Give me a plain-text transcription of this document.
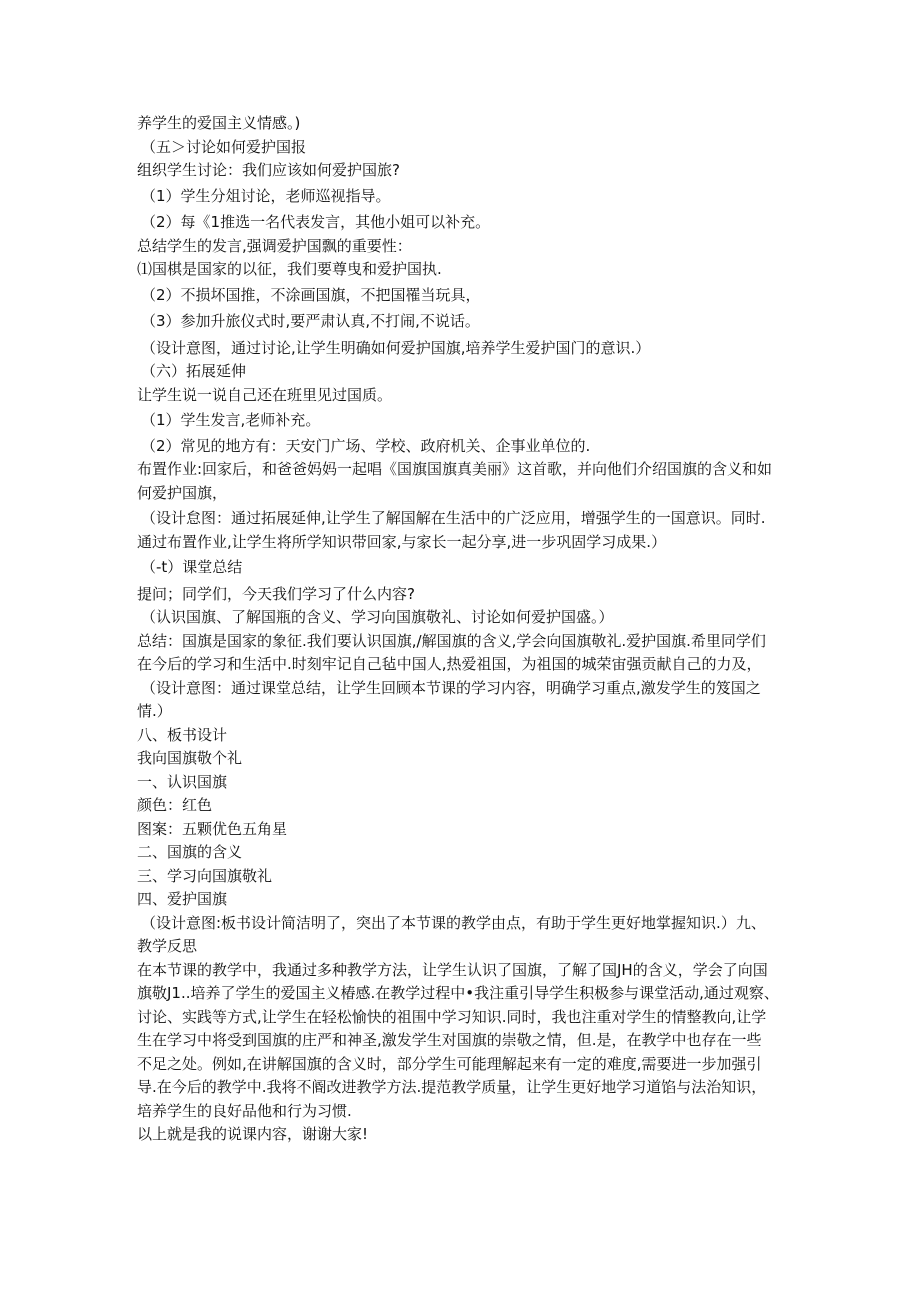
养学生的爱国主义情感。)
（五＞讨论如何爱护国报
组织学生讨论：我们应该如何爱护国旅?
（1）学生分俎讨论，老师巡视指导。
（2）每《1推选一名代表发言，其他小姐可以补充。
总结学生的发言,强调爱护国飘的重要性：
⑴国棋是国家的以征，我们要尊曳和爱护国执.
（2）不损坏国推，不涂画国旗，不把国罹当玩具，
（3）参加升旅仪式时,要严肃认真,不打闹,不说话。
（设计意图，通过讨论,让学生明确如何爱护国旗,培养学生爱护国门的意识.）
（六）拓展延伸
让学生说一说自己还在班里见过国质。
（1）学生发言,老师补充。
（2）常见的地方有：天安门广场、学校、政府机关、企事业单位的.
布置作业:回家后，和爸爸妈妈一起唱《国旗国旗真美丽》这首歌，并向他们介绍国旗的含义和如
何爱护国旗，
（设计怠图：通过拓展延伸,让学生了解国解在生活中的广泛应用，增强学生的一国意识。同时.
通过布置作业,让学生将所学知识带回家,与家长一起分享,进一步巩固学习成果.）
（-t）课堂总结
提问；同学们，今天我们学习了什么内容?
（认识国旗、了解国瓶的含义、学习向国旗敬礼、讨论如何爱护国盛。）
总结：国旗是国家的象征.我们要认识国旗,/解国旗的含义,学会向国旗敬礼.爱护国旗.希里同学们
在今后的学习和生活中.时刻牢记自己毡中国人,热爱祖国，为祖国的城荣宙强贡献自己的力及，
（设计意图：通过课堂总结，让学生回顾本节课的学习内容，明确学习重点,激发学生的笈国之
情.）
八、板书设计
我向国旗敬个礼
一、认识国旗
颜色：红色
图案：五颗优色五角星
二、国旗的含义
三、学习向国旗敬礼
四、爱护国旗
（设计意图:板书设计简洁明了，突出了本节课的教学由点，有助于学生更好地掌握知识.）九、
教学反思
在本节课的教学中，我通过多种教学方法，让学生认识了国旗，了解了国JH的含义，学会了向国
旗敬J1..培养了学生的爱国主义椿感.在教学过程中•我注重引导学生积极参与课堂活动,通过观察、
讨论、实践等方式,让学生在轻松愉快的祖围中学习知识.同时，我也注重对学生的情整教向,让学
生在学习中将受到国旗的庄严和神圣,激发学生对国旗的崇敬之情，但.是，在教学中也存在一些
不足之处。例如,在讲解国旗的含义时，部分学生可能理解起来有一定的难度,需要进一步加强引
导.在今后的教学中.我将不阍改进教学方法.提范教学质量，让学生更好地学习道馅与法治知识，
培养学生的良好品他和行为习惯.
以上就是我的说课内容，谢谢大家!
